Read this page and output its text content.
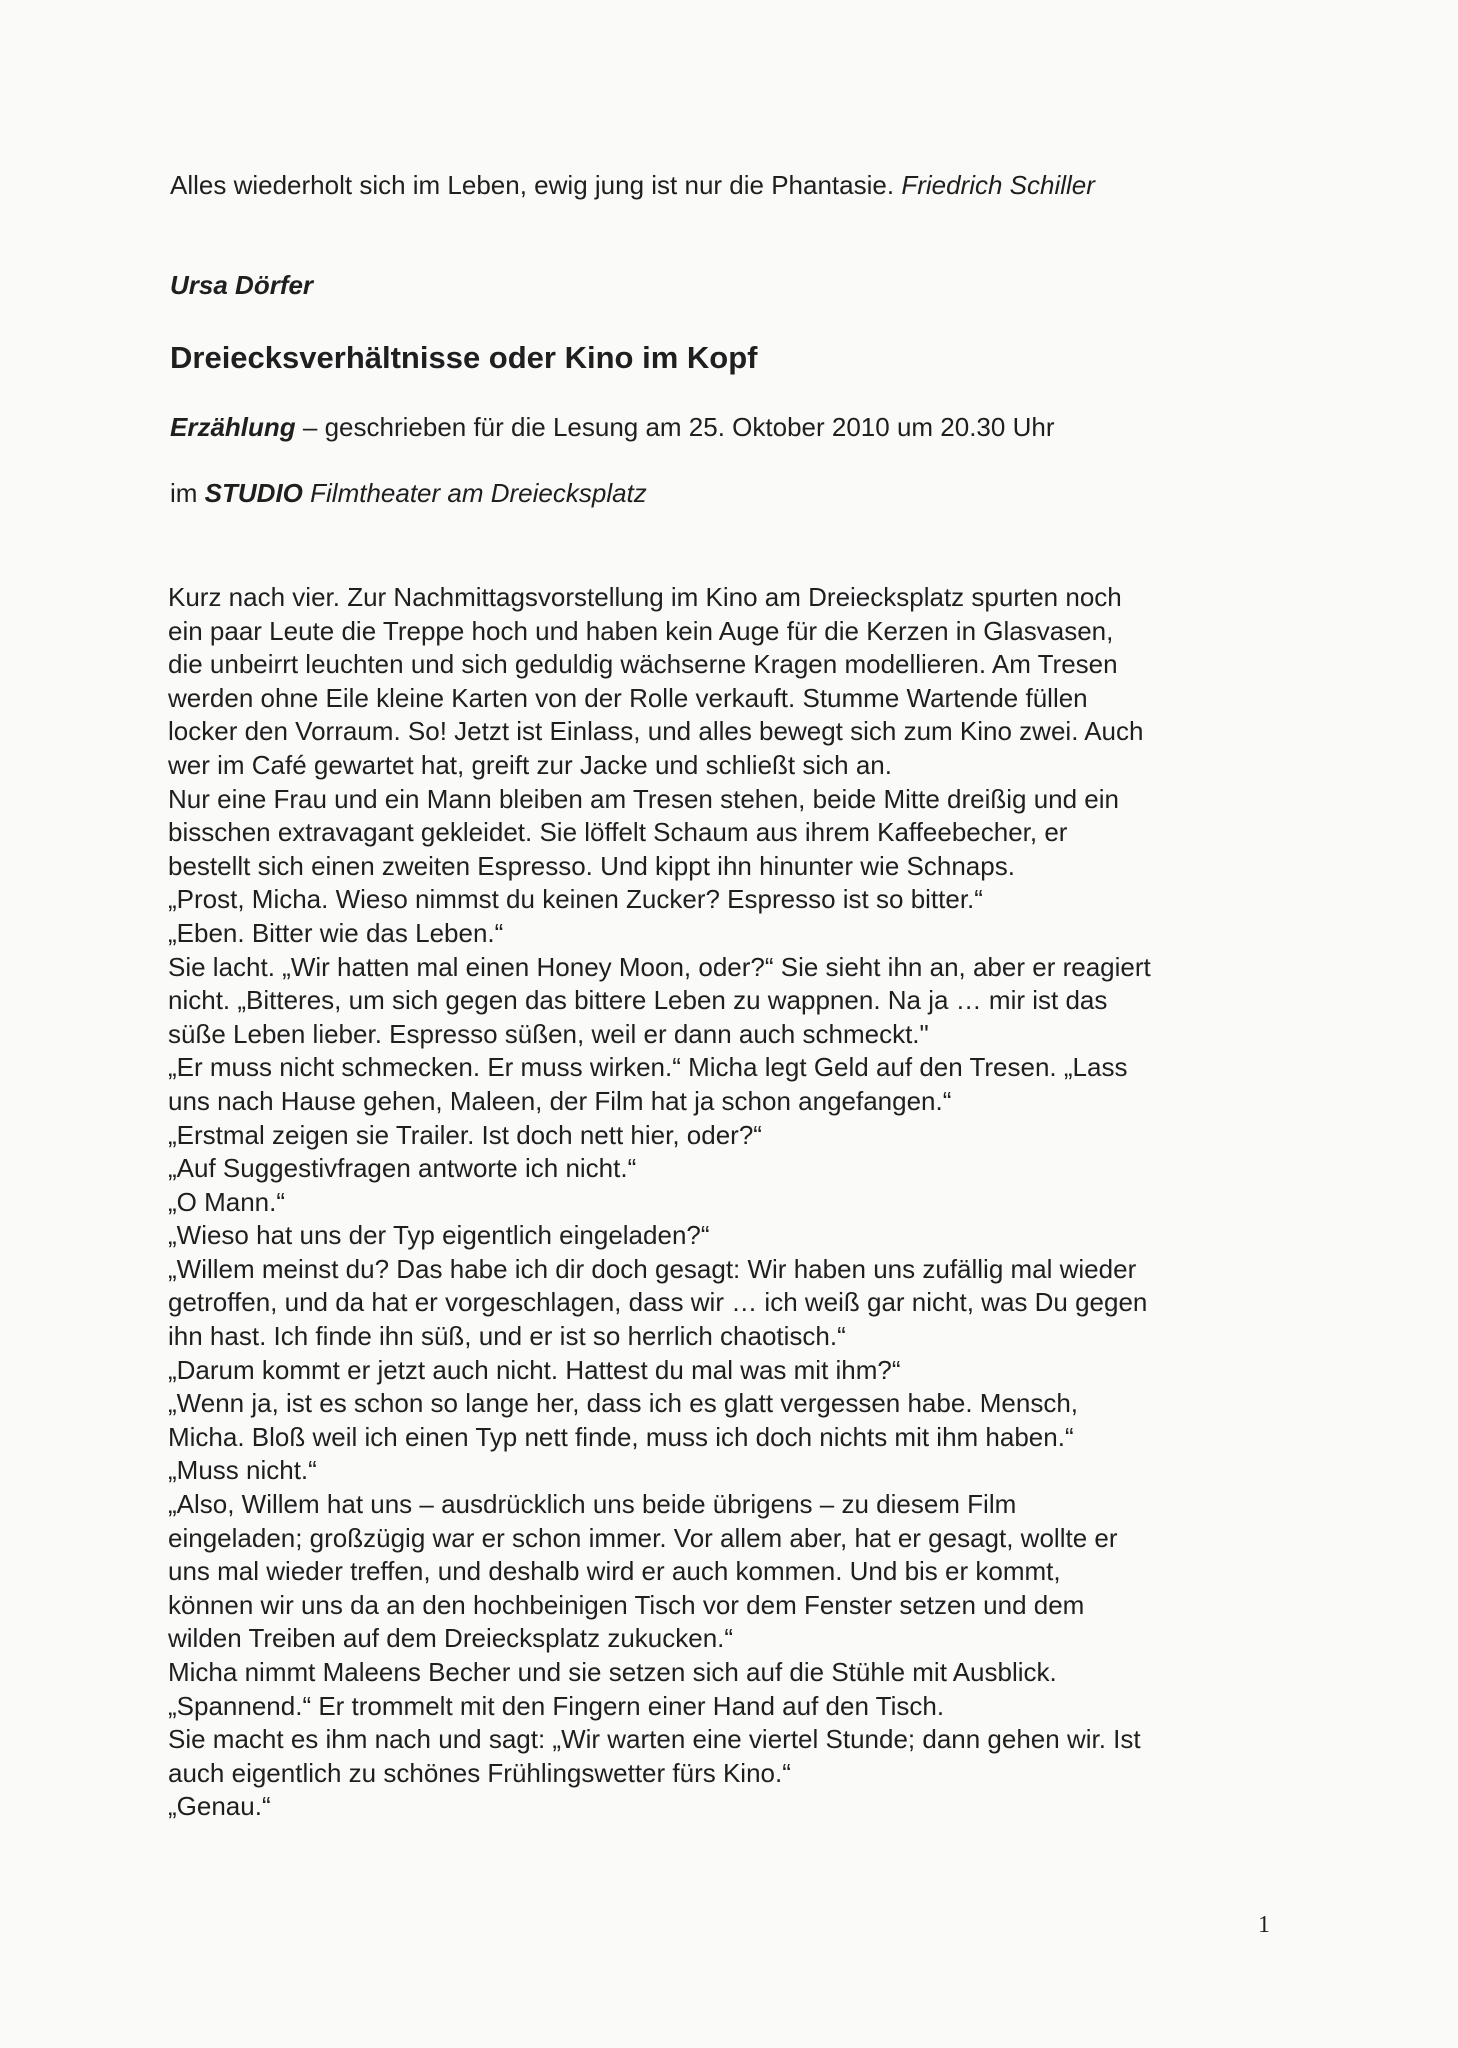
Alles wiederholt sich im Leben, ewig jung ist nur die Phantasie. Friedrich Schiller
Ursa Dörfer
Dreiecksverhältnisse oder Kino im Kopf
Erzählung – geschrieben für die Lesung am 25. Oktober 2010 um 20.30 Uhr
im STUDIO Filmtheater am Dreiecksplatz
Kurz nach vier. Zur Nachmittagsvorstellung im Kino am Dreiecksplatz spurten noch
ein paar Leute die Treppe hoch und haben kein Auge für die Kerzen in Glasvasen,
die unbeirrt leuchten und sich geduldig wächserne Kragen modellieren. Am Tresen
werden ohne Eile kleine Karten von der Rolle verkauft. Stumme Wartende füllen
locker den Vorraum. So! Jetzt ist Einlass, und alles bewegt sich zum Kino zwei. Auch
wer im Café gewartet hat, greift zur Jacke und schließt sich an.
Nur eine Frau und ein Mann bleiben am Tresen stehen, beide Mitte dreißig und ein
bisschen extravagant gekleidet. Sie löffelt Schaum aus ihrem Kaffeebecher, er
bestellt sich einen zweiten Espresso. Und kippt ihn hinunter wie Schnaps.
„Prost, Micha. Wieso nimmst du keinen Zucker? Espresso ist so bitter.“
„Eben. Bitter wie das Leben.“
Sie lacht. „Wir hatten mal einen Honey Moon, oder?“ Sie sieht ihn an, aber er reagiert
nicht. „Bitteres, um sich gegen das bittere Leben zu wappnen. Na ja … mir ist das
süße Leben lieber. Espresso süßen, weil er dann auch schmeckt."
„Er muss nicht schmecken. Er muss wirken.“ Micha legt Geld auf den Tresen. „Lass
uns nach Hause gehen, Maleen, der Film hat ja schon angefangen.“
„Erstmal zeigen sie Trailer. Ist doch nett hier, oder?“
„Auf Suggestivfragen antworte ich nicht.“
„O Mann.“
„Wieso hat uns der Typ eigentlich eingeladen?“
„Willem meinst du? Das habe ich dir doch gesagt: Wir haben uns zufällig mal wieder
getroffen, und da hat er vorgeschlagen, dass wir … ich weiß gar nicht, was Du gegen
ihn hast. Ich finde ihn süß, und er ist so herrlich chaotisch.“
„Darum kommt er jetzt auch nicht. Hattest du mal was mit ihm?“
„Wenn ja, ist es schon so lange her, dass ich es glatt vergessen habe. Mensch,
Micha. Bloß weil ich einen Typ nett finde, muss ich doch nichts mit ihm haben.“
„Muss nicht.“
„Also, Willem hat uns – ausdrücklich uns beide übrigens – zu diesem Film
eingeladen; großzügig war er schon immer. Vor allem aber, hat er gesagt, wollte er
uns mal wieder treffen, und deshalb wird er auch kommen. Und bis er kommt,
können wir uns da an den hochbeinigen Tisch vor dem Fenster setzen und dem
wilden Treiben auf dem Dreiecksplatz zukucken.“
Micha nimmt Maleens Becher und sie setzen sich auf die Stühle mit Ausblick.
„Spannend.“ Er trommelt mit den Fingern einer Hand auf den Tisch.
Sie macht es ihm nach und sagt: „Wir warten eine viertel Stunde; dann gehen wir. Ist
auch eigentlich zu schönes Frühlingswetter fürs Kino.“
„Genau.“
1
